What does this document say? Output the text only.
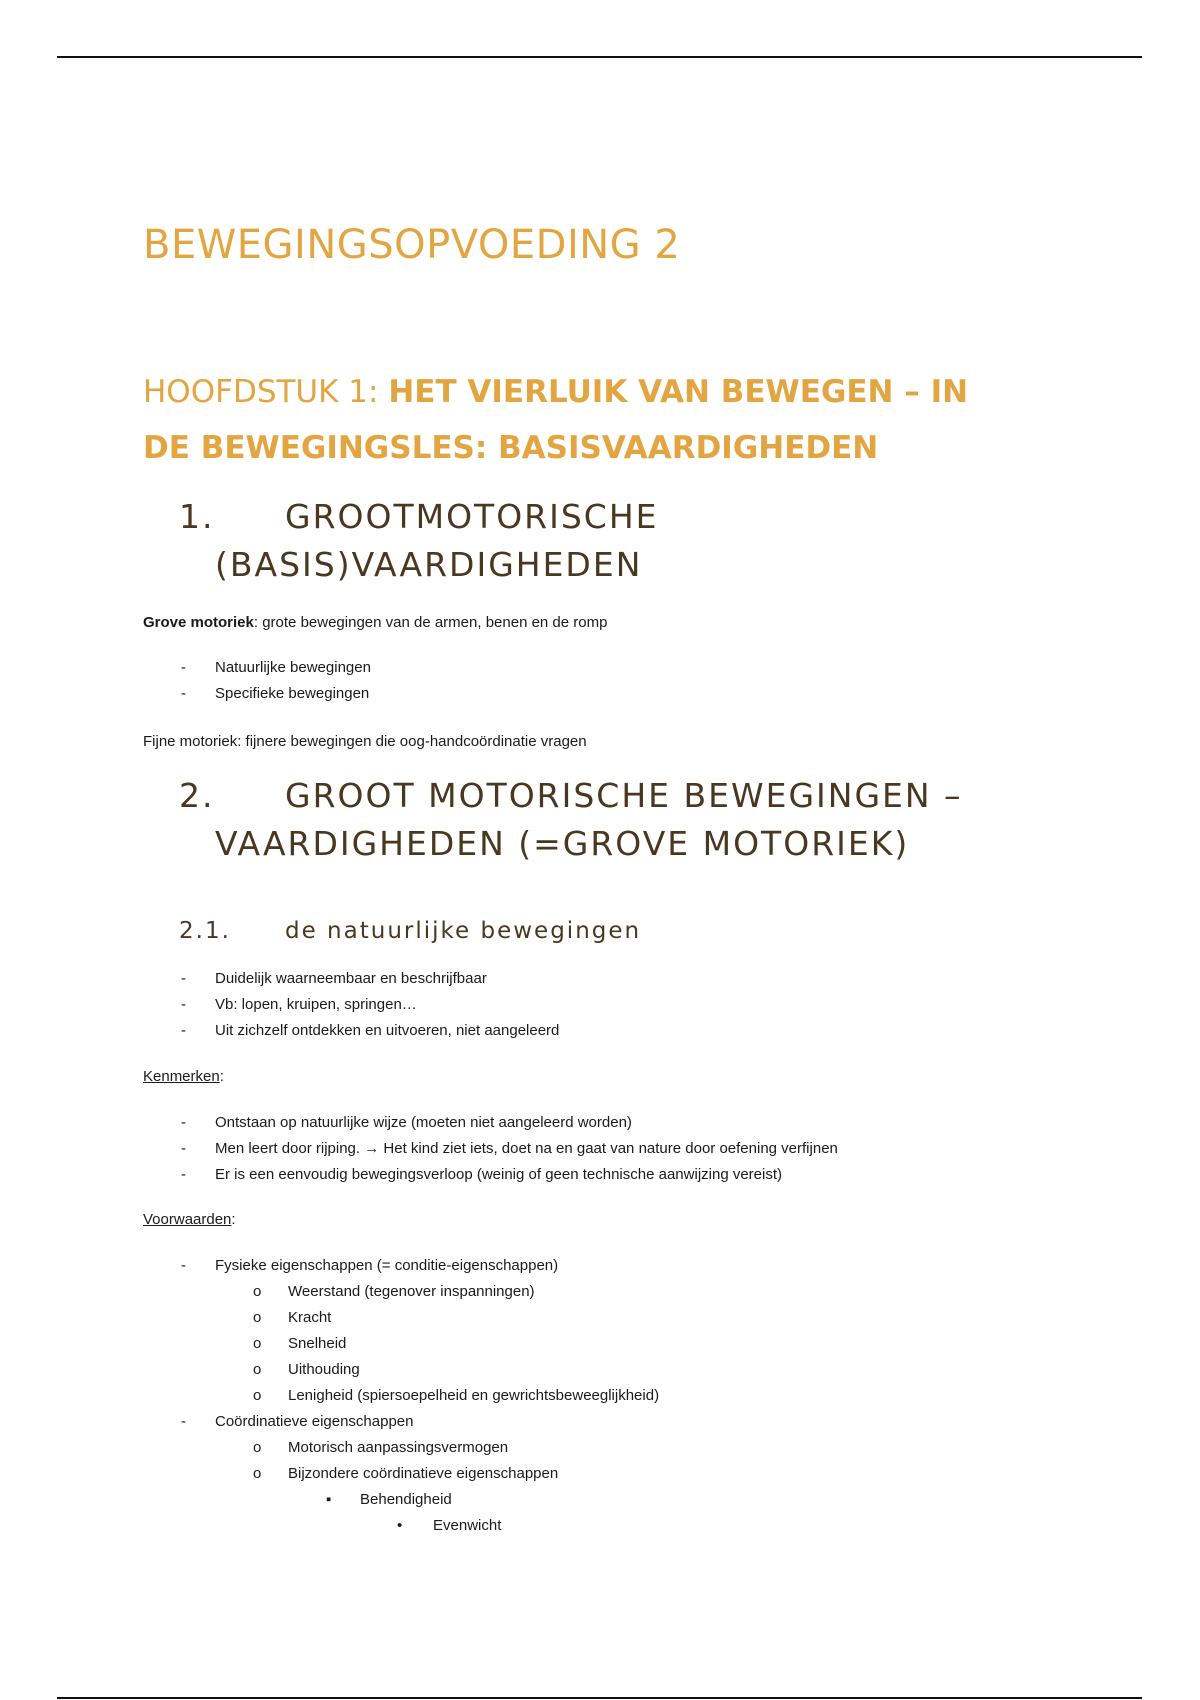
BEWEGINGSOPVOEDING 2
HOOFDSTUK 1: HET VIERLUIK VAN BEWEGEN – IN DE BEWEGINGSLES: BASISVAARDIGHEDEN
1. GROOTMOTORISCHE (BASIS)VAARDIGHEDEN
Grove motoriek: grote bewegingen van de armen, benen en de romp
- Natuurlijke bewegingen
- Specifieke bewegingen
Fijne motoriek: fijnere bewegingen die oog-handcoördinatie vragen
2. GROOT MOTORISCHE BEWEGINGEN – VAARDIGHEDEN (=GROVE MOTORIEK)
2.1. de natuurlijke bewegingen
- Duidelijk waarneembaar en beschrijfbaar
- Vb: lopen, kruipen, springen…
- Uit zichzelf ontdekken en uitvoeren, niet aangeleerd
Kenmerken:
- Ontstaan op natuurlijke wijze (moeten niet aangeleerd worden)
- Men leert door rijping. → Het kind ziet iets, doet na en gaat van nature door oefening verfijnen
- Er is een eenvoudig bewegingsverloop (weinig of geen technische aanwijzing vereist)
Voorwaarden:
- Fysieke eigenschappen (= conditie-eigenschappen)
o Weerstand (tegenover inspanningen)
o Kracht
o Snelheid
o Uithouding
o Lenigheid (spiersoepelheid en gewrichtsbeweeglijkheid)
- Coördinatieve eigenschappen
o Motorisch aanpassingsvermogen
o Bijzondere coördinatieve eigenschappen
▪ Behendigheid
• Evenwicht
